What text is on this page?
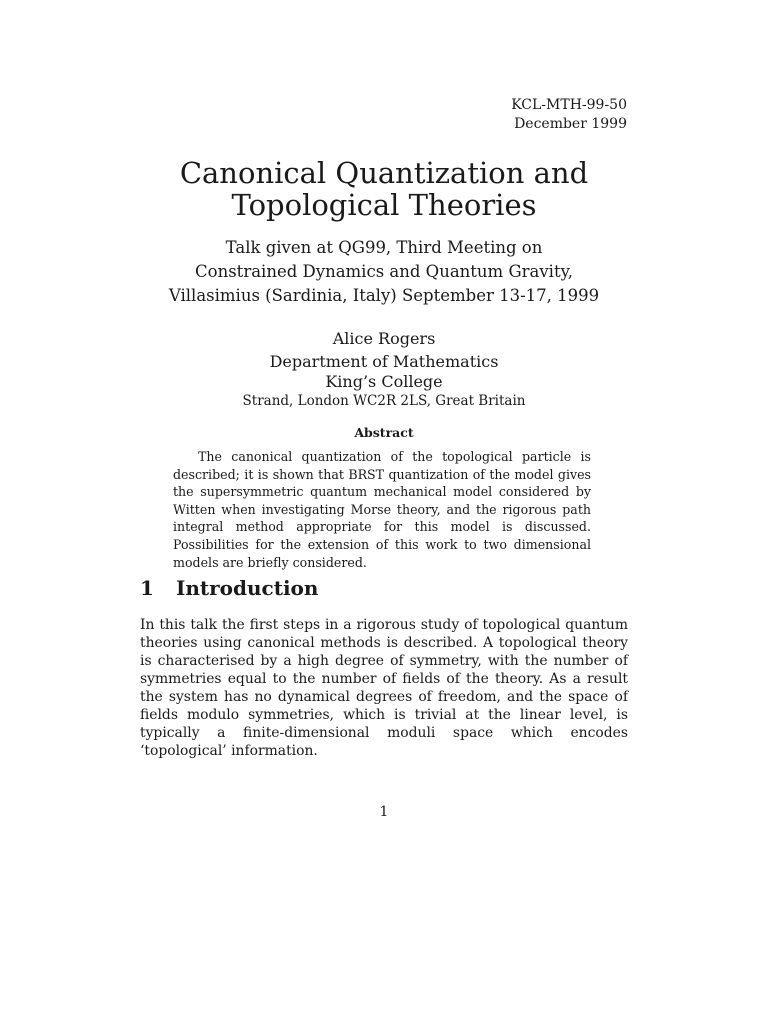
KCL-MTH-99-50
December 1999
Canonical Quantization and
Topological Theories
Talk given at QG99, Third Meeting on
Constrained Dynamics and Quantum Gravity,
Villasimius (Sardinia, Italy) September 13-17, 1999
Alice Rogers
Department of Mathematics
King’s College
Strand, London WC2R 2LS, Great Britain
Abstract

The canonical quantization of the topological particle is described; it is shown that BRST quantization of the model gives the supersymmetric quantum mechanical model considered by Witten when investigating Morse theory, and the rigorous path integral method appropriate for this model is discussed. Possibilities for the extension of this work to two dimensional models are briefly considered.

1 Introduction

In this talk the first steps in a rigorous study of topological quantum theories using canonical methods is described. A topological theory is characterised by a high degree of symmetry, with the number of symmetries equal to the number of fields of the theory. As a result the system has no dynamical degrees of freedom, and the space of fields modulo symmetries, which is trivial at the linear level, is typically a finite-dimensional moduli space which encodes ‘topological’ information.

1
